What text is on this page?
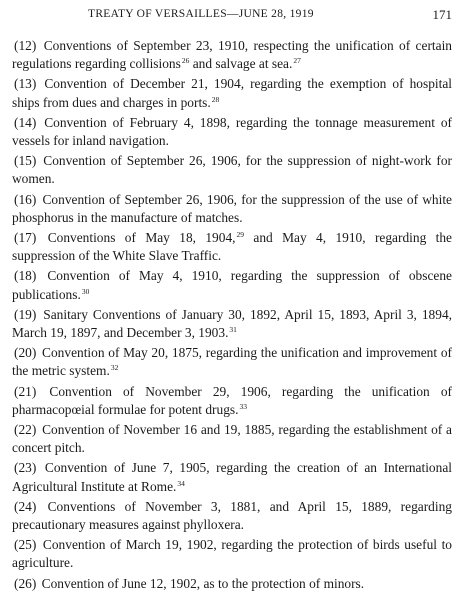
TREATY OF VERSAILLES—JUNE 28, 1919	171

(12) Conventions of September 23, 1910, respecting the unification of certain regulations regarding collisions$^{26}$ and salvage at sea.$^{27}$

(13) Convention of December 21, 1904, regarding the exemption of hospital ships from dues and charges in ports.$^{28}$

(14) Convention of February 4, 1898, regarding the tonnage measurement of vessels for inland navigation.

(15) Convention of September 26, 1906, for the suppression of night-work for women.

(16) Convention of September 26, 1906, for the suppression of the use of white phosphorus in the manufacture of matches.

(17) Conventions of May 18, 1904,29 and May 4, 1910, regarding the suppression of the White Slave Traffic.

(18) Convention of May 4, 1910, regarding the suppression of obscene publications.$^{30}$

(19) Sanitary Conventions of January 30, 1892, April 15, 1893, April 3, 1894, March 19, 1897, and December 3, 1903.31

(20) Convention of May 20, 1875, regarding the unification and improvement of the metric system.$^{32}$

(21) Convention of November 29, 1906, regarding the unification of pharmacopœial formulae for potent drugs.$^{33}$

(22) Convention of November 16 and 19, 1885, regarding the establishment of a concert pitch.

(23) Convention of June 7, 1905, regarding the creation of an International Agricultural Institute at Rome.$^{34}$

(24) Conventions of November 3, 1881, and April 15, 1889, regarding precautionary measures against phylloxera.

(25) Convention of March 19, 1902, regarding the protection of birds useful to agriculture.

(26) Convention of June 12, 1902, as to the protection of minors.
